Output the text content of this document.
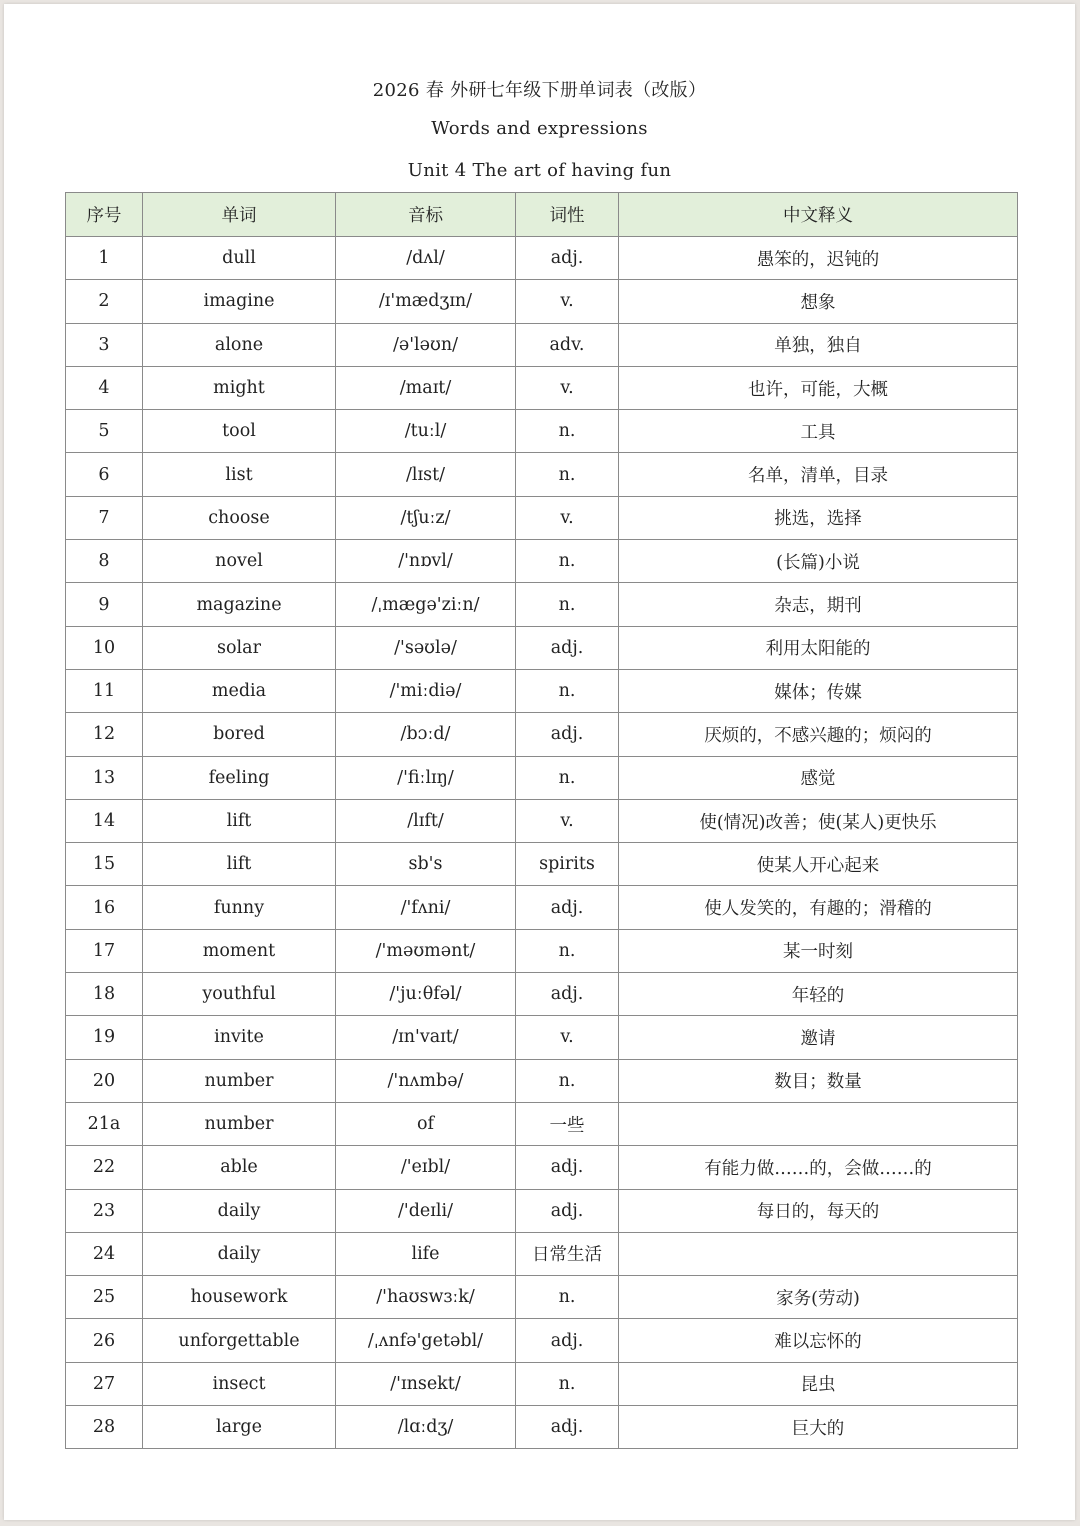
2026 春 外研七年级下册单词表（改版）
Words and expressions
Unit 4 The art of having fun
序号	单词	音标	词性	中文释义
1	dull	/dʌl/	adj.	愚笨的，迟钝的
2	imagine	/ɪ'mædʒɪn/	v.	想象
3	alone	/ə'ləʊn/	adv.	单独，独自
4	might	/maɪt/	v.	也许，可能，大概
5	tool	/tuːl/	n.	工具
6	list	/lɪst/	n.	名单，清单，目录
7	choose	/tʃuːz/	v.	挑选，选择
8	novel	/'nɒvl/	n.	(长篇)小说
9	magazine	/ˌmægə'ziːn/	n.	杂志，期刊
10	solar	/'səʊlə/	adj.	利用太阳能的
11	media	/'miːdiə/	n.	媒体；传媒
12	bored	/bɔːd/	adj.	厌烦的，不感兴趣的；烦闷的
13	feeling	/'fiːlɪŋ/	n.	感觉
14	lift	/lɪft/	v.	使(情况)改善；使(某人)更快乐
15	lift	sb's	spirits	使某人开心起来
16	funny	/'fʌni/	adj.	使人发笑的，有趣的；滑稽的
17	moment	/'məʊmənt/	n.	某一时刻
18	youthful	/'juːθfəl/	adj.	年轻的
19	invite	/ɪn'vaɪt/	v.	邀请
20	number	/'nʌmbə/	n.	数目；数量
21a	number	of	一些	
22	able	/'eɪbl/	adj.	有能力做……的，会做……的
23	daily	/'deɪli/	adj.	每日的，每天的
24	daily	life	日常生活	
25	housework	/'haʊswɜːk/	n.	家务(劳动)
26	unforgettable	/ˌʌnfə'getəbl/	adj.	难以忘怀的
27	insect	/'ɪnsekt/	n.	昆虫
28	large	/lɑːdʒ/	adj.	巨大的
